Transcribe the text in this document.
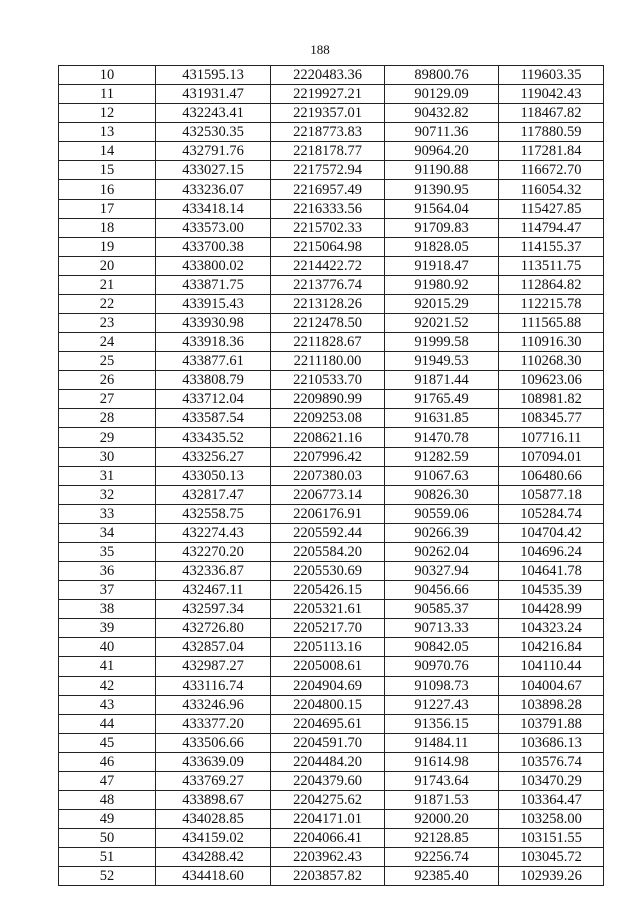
188
10	431595.13	2220483.36	89800.76	119603.35
11	431931.47	2219927.21	90129.09	119042.43
12	432243.41	2219357.01	90432.82	118467.82
13	432530.35	2218773.83	90711.36	117880.59
14	432791.76	2218178.77	90964.20	117281.84
15	433027.15	2217572.94	91190.88	116672.70
16	433236.07	2216957.49	91390.95	116054.32
17	433418.14	2216333.56	91564.04	115427.85
18	433573.00	2215702.33	91709.83	114794.47
19	433700.38	2215064.98	91828.05	114155.37
20	433800.02	2214422.72	91918.47	113511.75
21	433871.75	2213776.74	91980.92	112864.82
22	433915.43	2213128.26	92015.29	112215.78
23	433930.98	2212478.50	92021.52	111565.88
24	433918.36	2211828.67	91999.58	110916.30
25	433877.61	2211180.00	91949.53	110268.30
26	433808.79	2210533.70	91871.44	109623.06
27	433712.04	2209890.99	91765.49	108981.82
28	433587.54	2209253.08	91631.85	108345.77
29	433435.52	2208621.16	91470.78	107716.11
30	433256.27	2207996.42	91282.59	107094.01
31	433050.13	2207380.03	91067.63	106480.66
32	432817.47	2206773.14	90826.30	105877.18
33	432558.75	2206176.91	90559.06	105284.74
34	432274.43	2205592.44	90266.39	104704.42
35	432270.20	2205584.20	90262.04	104696.24
36	432336.87	2205530.69	90327.94	104641.78
37	432467.11	2205426.15	90456.66	104535.39
38	432597.34	2205321.61	90585.37	104428.99
39	432726.80	2205217.70	90713.33	104323.24
40	432857.04	2205113.16	90842.05	104216.84
41	432987.27	2205008.61	90970.76	104110.44
42	433116.74	2204904.69	91098.73	104004.67
43	433246.96	2204800.15	91227.43	103898.28
44	433377.20	2204695.61	91356.15	103791.88
45	433506.66	2204591.70	91484.11	103686.13
46	433639.09	2204484.20	91614.98	103576.74
47	433769.27	2204379.60	91743.64	103470.29
48	433898.67	2204275.62	91871.53	103364.47
49	434028.85	2204171.01	92000.20	103258.00
50	434159.02	2204066.41	92128.85	103151.55
51	434288.42	2203962.43	92256.74	103045.72
52	434418.60	2203857.82	92385.40	102939.26
